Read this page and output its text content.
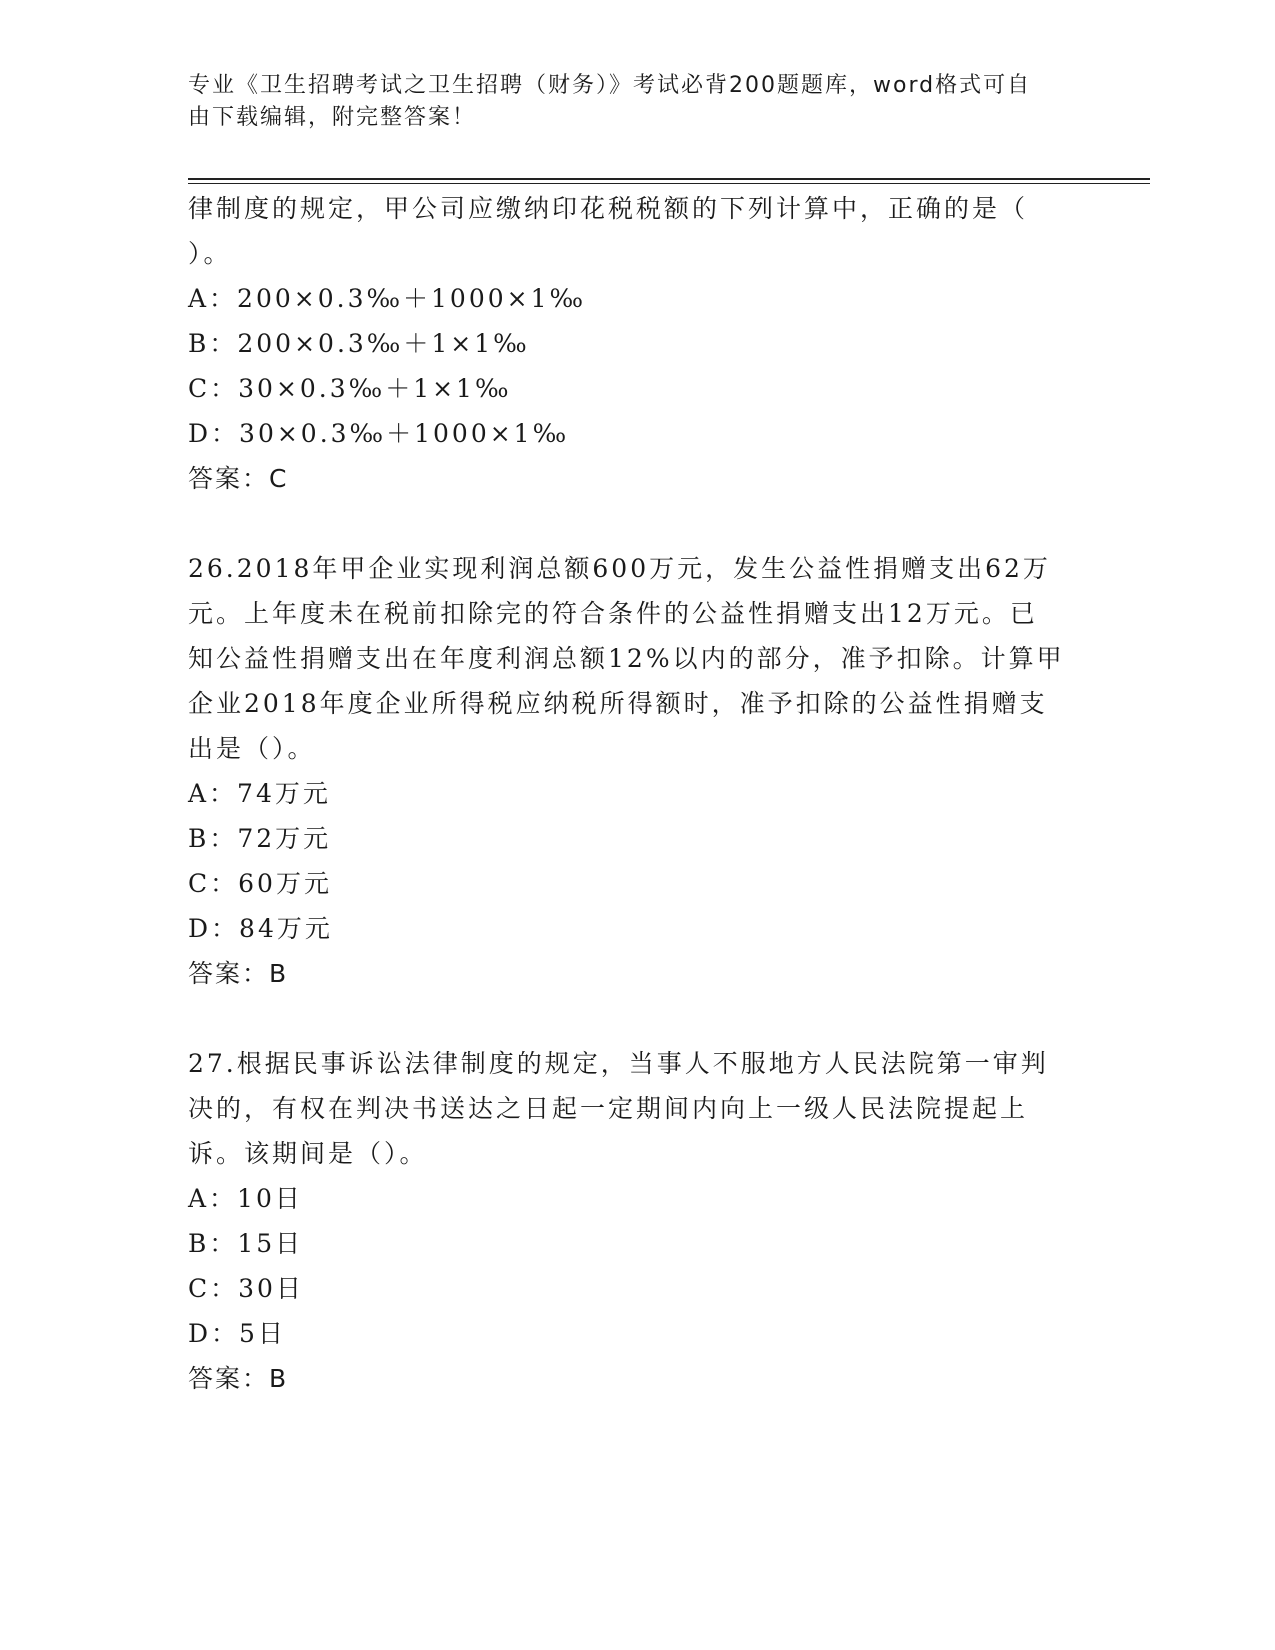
专业《卫生招聘考试之卫生招聘（财务）》考试必背200题题库，word格式可自
由下载编辑，附完整答案！

律制度的规定，甲公司应缴纳印花税税额的下列计算中，正确的是（

）。

A：200×0.3‰＋1000×1‰

B：200×0.3‰＋1×1‰

C：30×0.3‰＋1×1‰

D：30×0.3‰＋1000×1‰

答案：C

26.2018年甲企业实现利润总额600万元，发生公益性捐赠支出62万

元。上年度未在税前扣除完的符合条件的公益性捐赠支出12万元。已

知公益性捐赠支出在年度利润总额12%以内的部分，准予扣除。计算甲

企业2018年度企业所得税应纳税所得额时，准予扣除的公益性捐赠支

出是（）。

A：74万元

B：72万元

C：60万元

D：84万元

答案：B

27.根据民事诉讼法律制度的规定，当事人不服地方人民法院第一审判

决的，有权在判决书送达之日起一定期间内向上一级人民法院提起上

诉。该期间是（）。

A：10日

B：15日

C：30日

D：5日

答案：B
